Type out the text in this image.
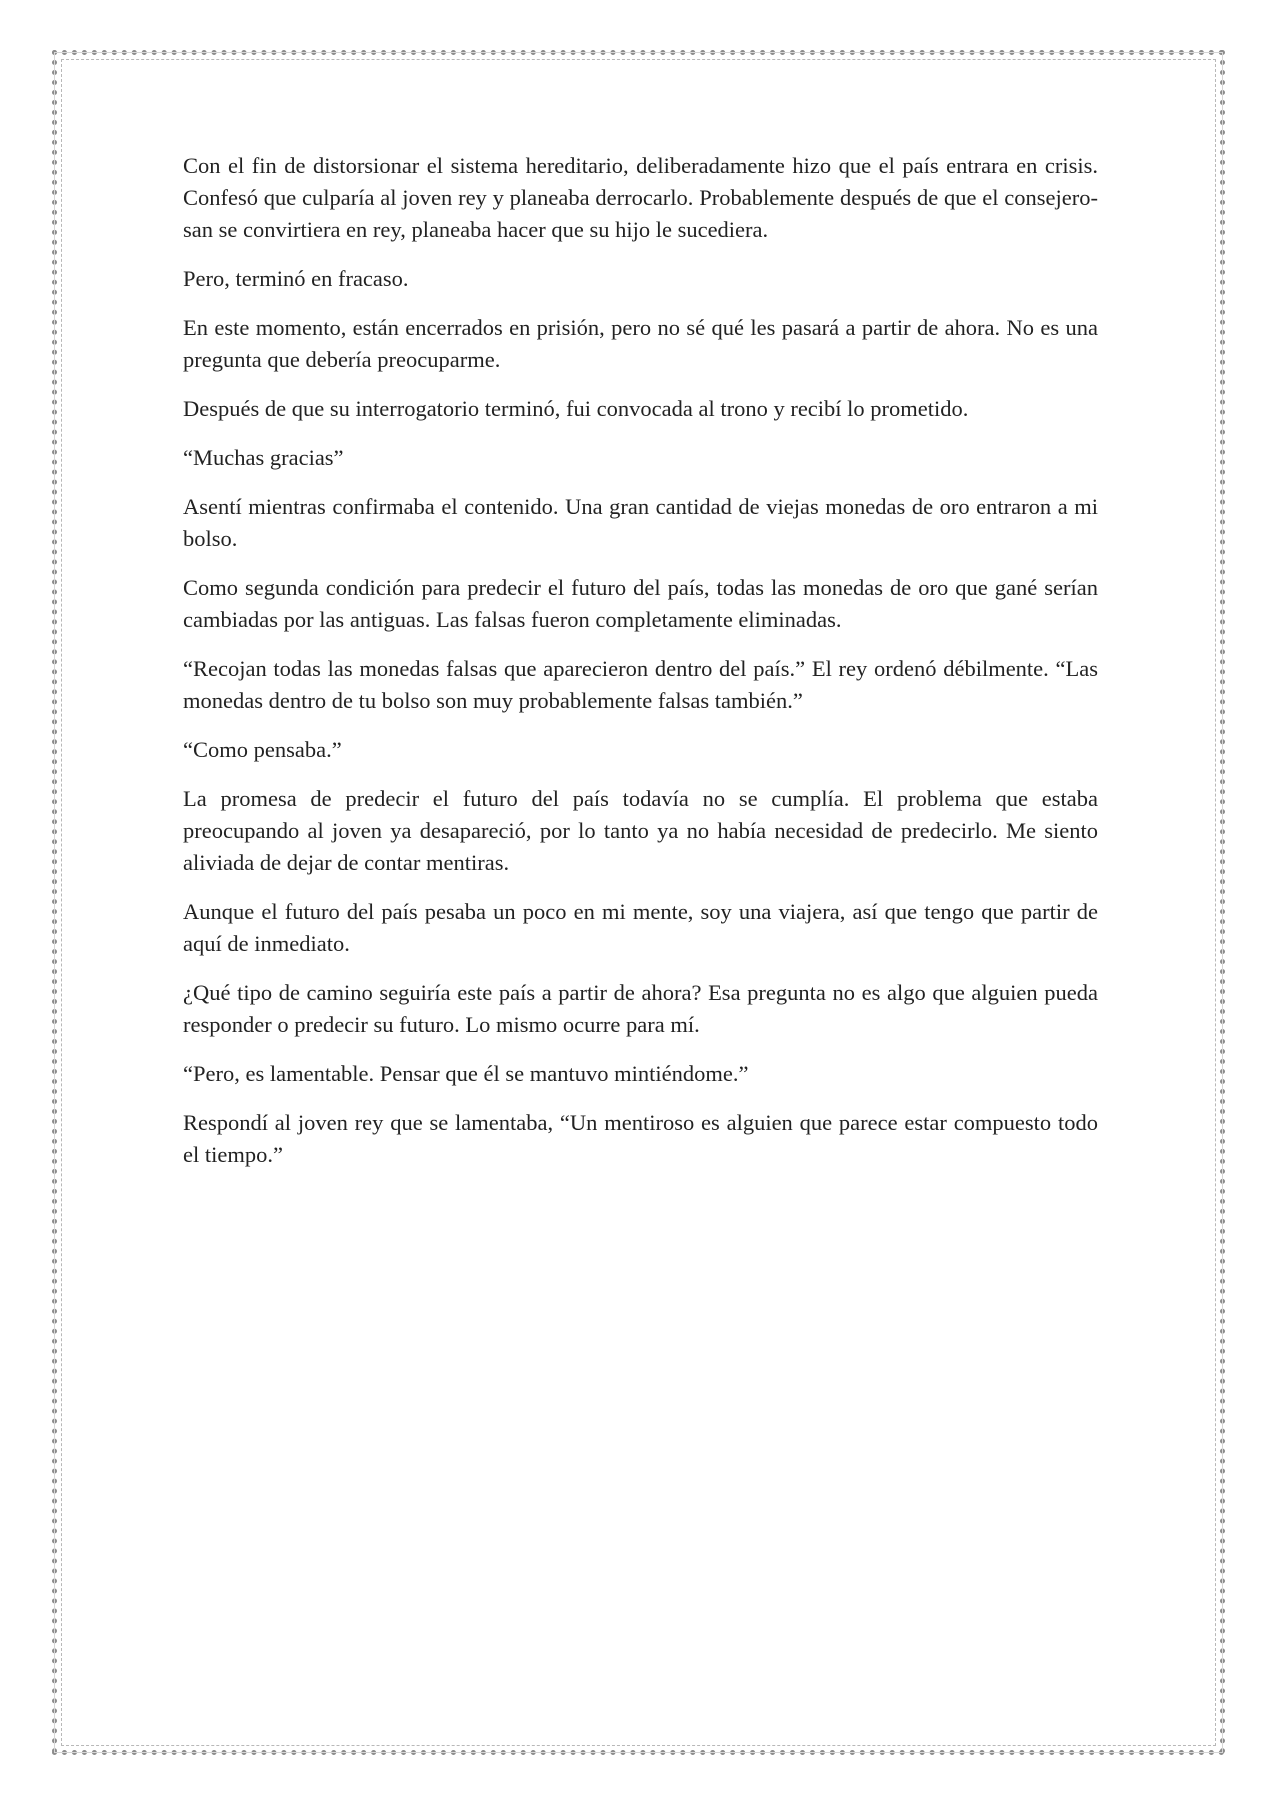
Con el fin de distorsionar el sistema hereditario, deliberadamente hizo que el país entrara en crisis. Confesó que culparía al joven rey y planeaba derrocarlo. Probablemente después de que el consejero-san se convirtiera en rey, planeaba hacer que su hijo le sucediera.

Pero, terminó en fracaso.

En este momento, están encerrados en prisión, pero no sé qué les pasará a partir de ahora. No es una pregunta que debería preocuparme.

Después de que su interrogatorio terminó, fui convocada al trono y recibí lo prometido.

“Muchas gracias”

Asentí mientras confirmaba el contenido. Una gran cantidad de viejas monedas de oro entraron a mi bolso.

Como segunda condición para predecir el futuro del país, todas las monedas de oro que gané serían cambiadas por las antiguas. Las falsas fueron completamente eliminadas.

“Recojan todas las monedas falsas que aparecieron dentro del país.” El rey ordenó débilmente. “Las monedas dentro de tu bolso son muy probablemente falsas también.”

“Como pensaba.”

La promesa de predecir el futuro del país todavía no se cumplía. El problema que estaba preocupando al joven ya desapareció, por lo tanto ya no había necesidad de predecirlo. Me siento aliviada de dejar de contar mentiras.

Aunque el futuro del país pesaba un poco en mi mente, soy una viajera, así que tengo que partir de aquí de inmediato.

¿Qué tipo de camino seguiría este país a partir de ahora? Esa pregunta no es algo que alguien pueda responder o predecir su futuro. Lo mismo ocurre para mí.

“Pero, es lamentable. Pensar que él se mantuvo mintiéndome.”

Respondí al joven rey que se lamentaba, “Un mentiroso es alguien que parece estar compuesto todo el tiempo.”
